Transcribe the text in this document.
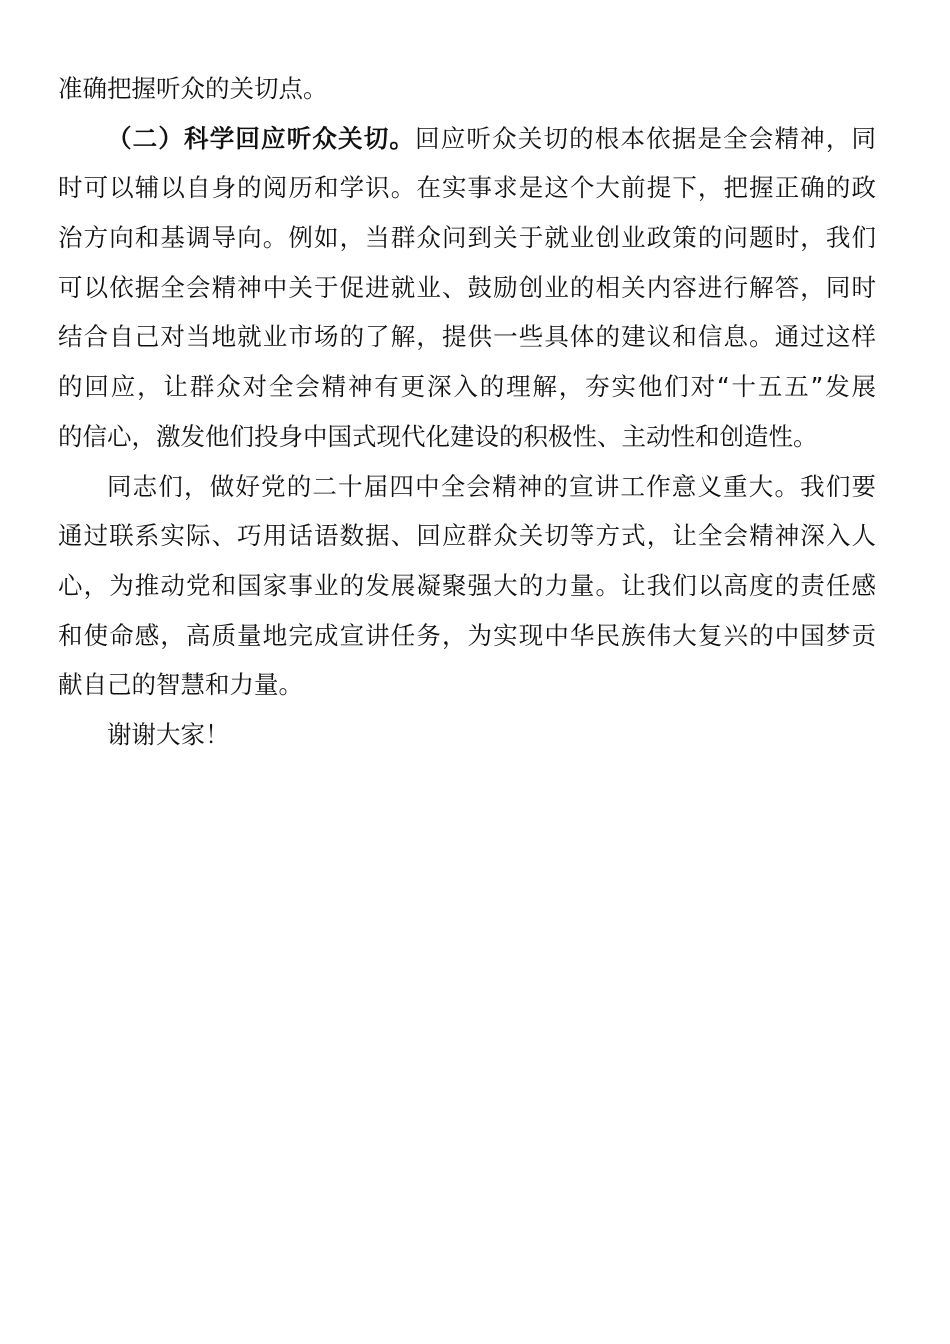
准确把握听众的关切点。
（二）科学回应听众关切。回应听众关切的根本依据是全会精神，同
时可以辅以自身的阅历和学识。在实事求是这个大前提下，把握正确的政
治方向和基调导向。例如，当群众问到关于就业创业政策的问题时，我们
可以依据全会精神中关于促进就业、鼓励创业的相关内容进行解答，同时
结合自己对当地就业市场的了解，提供一些具体的建议和信息。通过这样
的回应，让群众对全会精神有更深入的理解，夯实他们对“十五五”发展
的信心，激发他们投身中国式现代化建设的积极性、主动性和创造性。
同志们，做好党的二十届四中全会精神的宣讲工作意义重大。我们要
通过联系实际、巧用话语数据、回应群众关切等方式，让全会精神深入人
心，为推动党和国家事业的发展凝聚强大的力量。让我们以高度的责任感
和使命感，高质量地完成宣讲任务，为实现中华民族伟大复兴的中国梦贡
献自己的智慧和力量。
谢谢大家！
